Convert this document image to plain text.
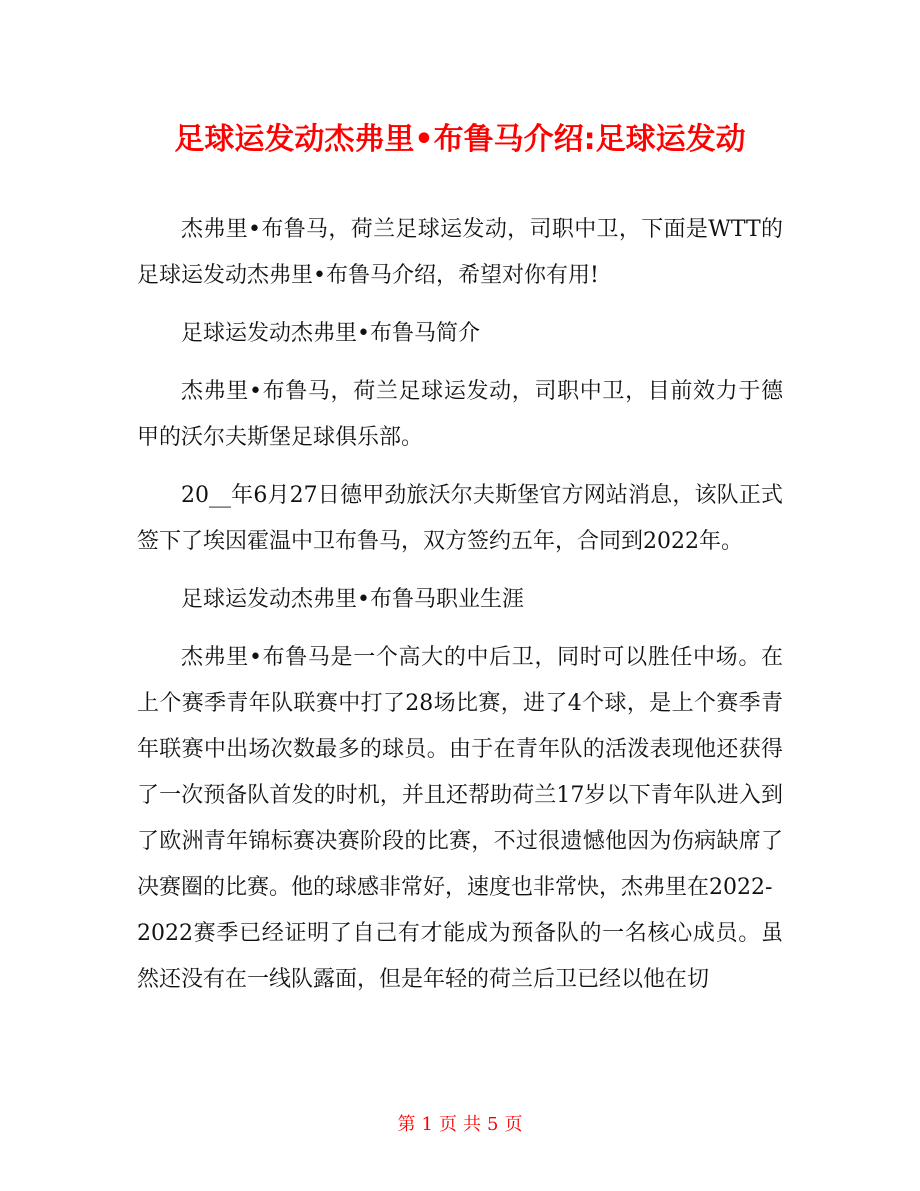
足球运发动杰弗里•布鲁马介绍:足球运发动

杰弗里•布鲁马，荷兰足球运发动，司职中卫，下面是WTT的足球运发动杰弗里•布鲁马介绍，希望对你有用!

足球运发动杰弗里•布鲁马简介

杰弗里•布鲁马，荷兰足球运发动，司职中卫，目前效力于德甲的沃尔夫斯堡足球俱乐部。

20__年6月27日德甲劲旅沃尔夫斯堡官方网站消息，该队正式签下了埃因霍温中卫布鲁马，双方签约五年，合同到2022年。

足球运发动杰弗里•布鲁马职业生涯

杰弗里•布鲁马是一个高大的中后卫，同时可以胜任中场。在上个赛季青年队联赛中打了28场比赛，进了4个球，是上个赛季青年联赛中出场次数最多的球员。由于在青年队的活泼表现他还获得了一次预备队首发的时机，并且还帮助荷兰17岁以下青年队进入到了欧洲青年锦标赛决赛阶段的比赛，不过很遗憾他因为伤病缺席了决赛圈的比赛。他的球感非常好，速度也非常快，杰弗里在2022-

2022赛季已经证明了自己有才能成为预备队的一名核心成员。虽然还没有在一线队露面，但是年轻的荷兰后卫已经以他在切

第 1 页 共 5 页
